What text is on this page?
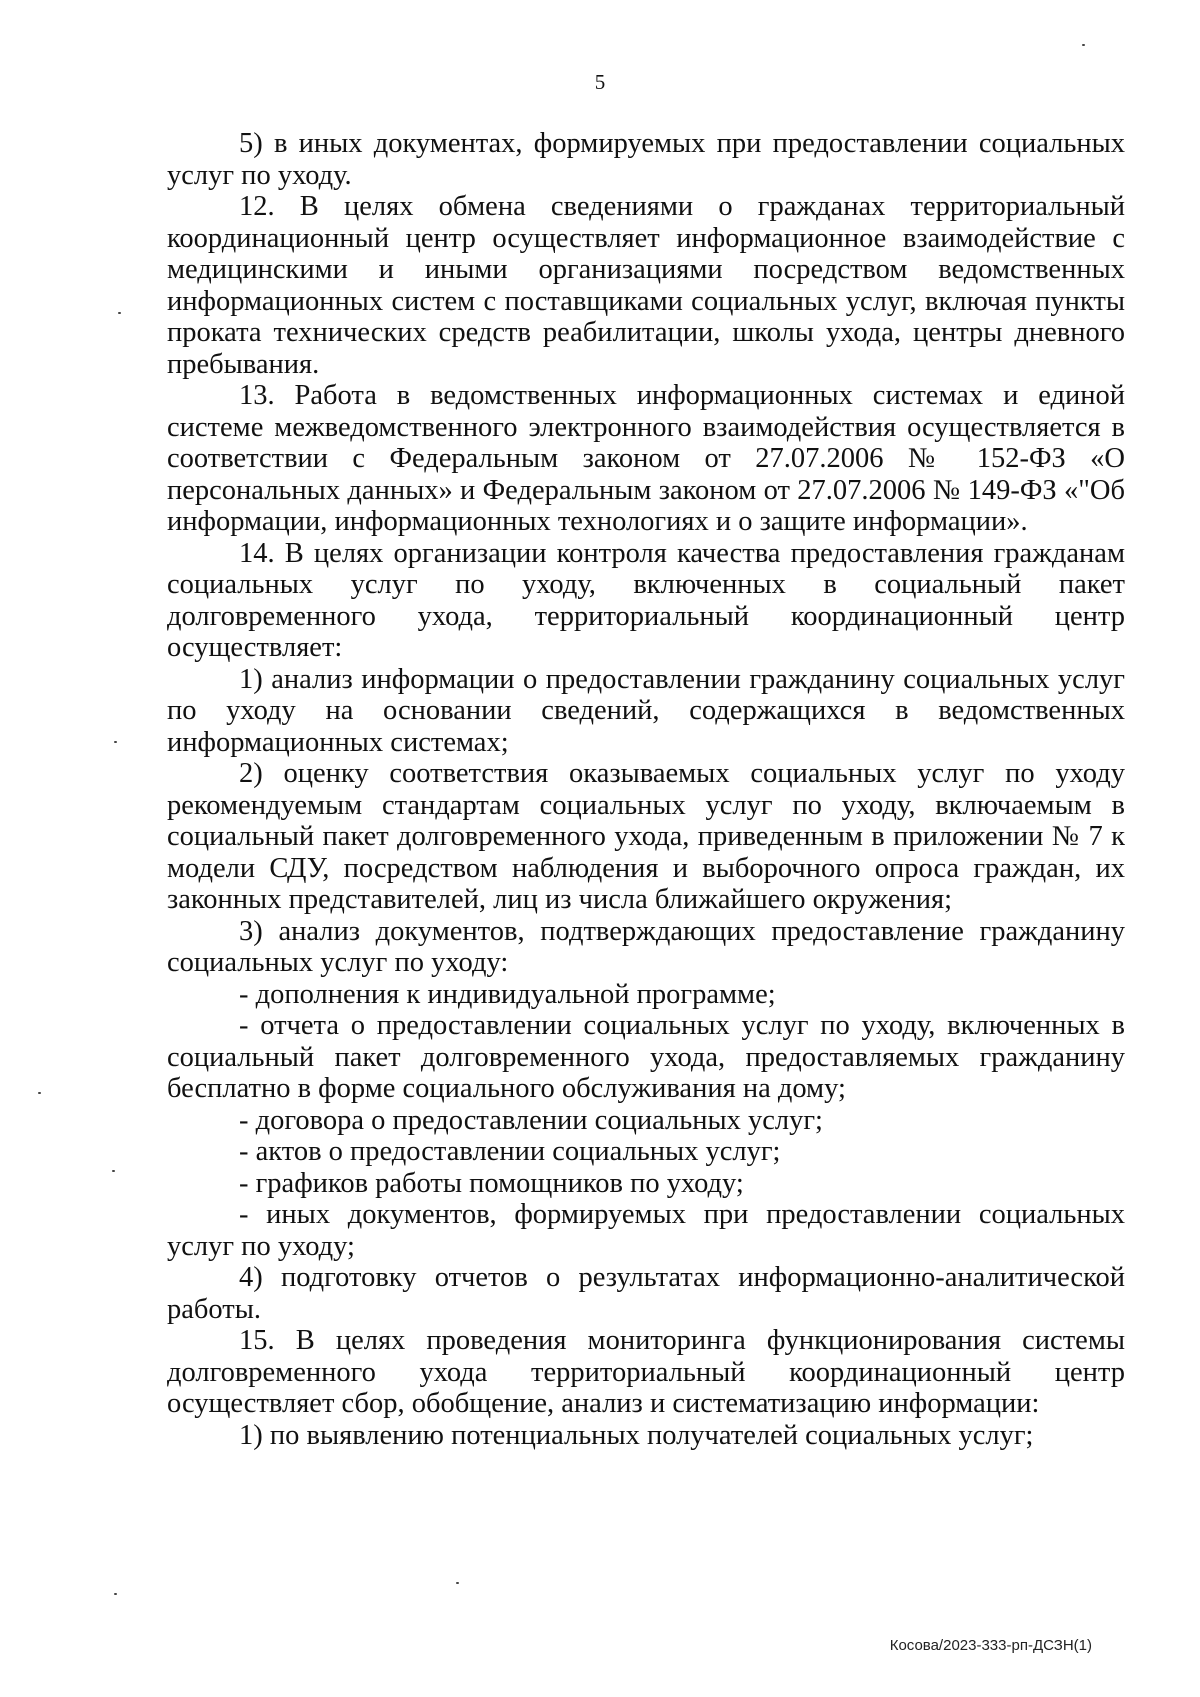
5

5) в иных документах, формируемых при предоставлении социальных услуг по уходу.

12. В целях обмена сведениями о гражданах территориальный координационный центр осуществляет информационное взаимодействие с медицинскими и иными организациями посредством ведомственных информационных систем с поставщиками социальных услуг, включая пункты проката технических средств реабилитации, школы ухода, центры дневного пребывания.

13. Работа в ведомственных информационных системах и единой системе межведомственного электронного взаимодействия осуществляется в соответствии с Федеральным законом от 27.07.2006 № 152-ФЗ «О персональных данных» и Федеральным законом от 27.07.2006 № 149-ФЗ «"Об информации, информационных технологиях и о защите информации».

14. В целях организации контроля качества предоставления гражданам социальных услуг по уходу, включенных в социальный пакет долговременного ухода, территориальный координационный центр осуществляет:

1) анализ информации о предоставлении гражданину социальных услуг по уходу на основании сведений, содержащихся в ведомственных информационных системах;

2) оценку соответствия оказываемых социальных услуг по уходу рекомендуемым стандартам социальных услуг по уходу, включаемым в социальный пакет долговременного ухода, приведенным в приложении № 7 к модели СДУ, посредством наблюдения и выборочного опроса граждан, их законных представителей, лиц из числа ближайшего окружения;

3) анализ документов, подтверждающих предоставление гражданину социальных услуг по уходу:

- дополнения к индивидуальной программе;

- отчета о предоставлении социальных услуг по уходу, включенных в социальный пакет долговременного ухода, предоставляемых гражданину бесплатно в форме социального обслуживания на дому;

- договора о предоставлении социальных услуг;

- актов о предоставлении социальных услуг;

- графиков работы помощников по уходу;

- иных документов, формируемых при предоставлении социальных услуг по уходу;

4) подготовку отчетов о результатах информационно-аналитической работы.

15. В целях проведения мониторинга функционирования системы долговременного ухода территориальный координационный центр осуществляет сбор, обобщение, анализ и систематизацию информации:

1) по выявлению потенциальных получателей социальных услуг;

Косова/2023-333-рп-ДСЗН(1)
